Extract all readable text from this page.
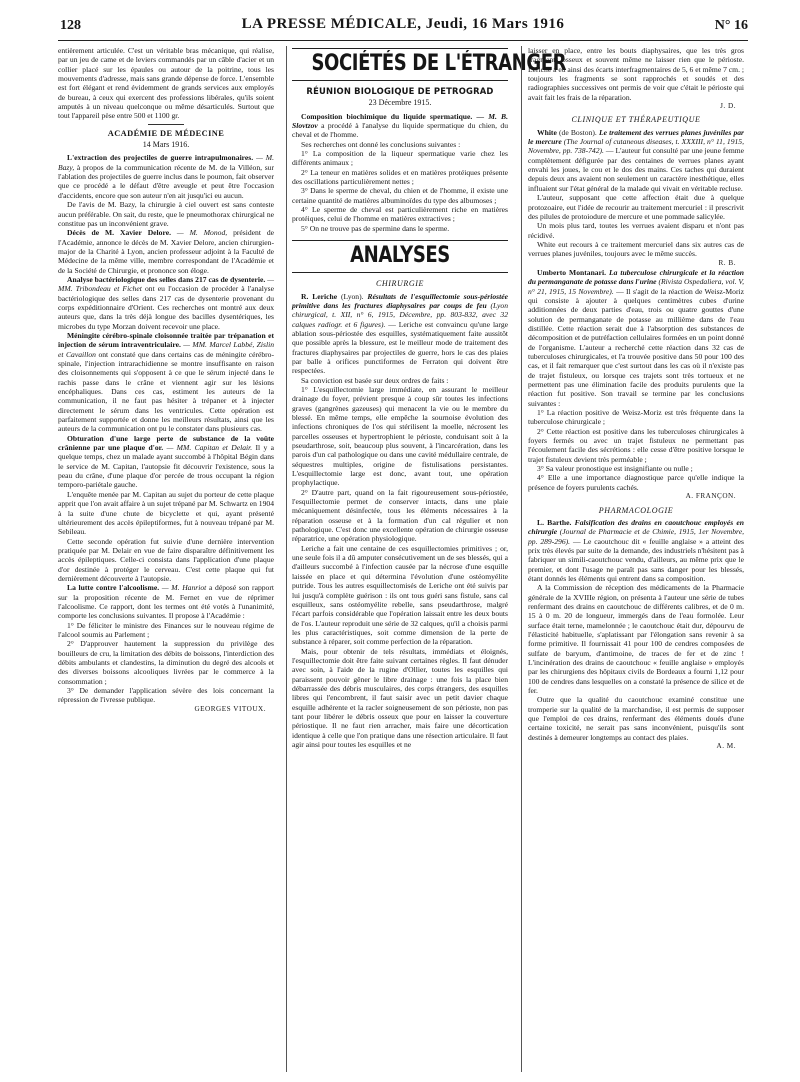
128	LA PRESSE MÉDICALE, Jeudi, 16 Mars 1916	N° 16

entièrement articulée. C'est un véritable bras mécanique, qui réalise, par un jeu de came et de leviers commandés par un câble d'acier et un collier placé sur les épaules ou autour de la poitrine, tous les mouvements d'adresse, mais sans grande dépense de force. L'ensemble est fort élégant et rend évidemment de grands services aux employés de bureau, à ceux qui exercent des professions libérales, qu'ils soient amputés à un niveau quelconque ou même désarticulés. Surtout que tout l'appareil pèse entre 500 et 1100 gr.

ACADÉMIE DE MÉDECINE
14 Mars 1916.

L'extraction des projectiles de guerre intrapulmonaires. — M. Bazy, à propos de la communication récente de M. de la Villéon, sur l'ablation des projectiles de guerre inclus dans le poumon, fait observer que ce procédé a le défaut d'être aveugle et peut être l'occasion d'accidents, encore que son auteur n'en ait jusqu'ici eu aucun.

De l'avis de M. Bazy, la chirurgie à ciel ouvert est sans conteste aucun préférable. On sait, du reste, que le pneumothorax chirurgical ne constitue pas un inconvénient grave.

Décès de M. Xavier Delore. — M. Monod, président de l'Académie, annonce le décès de M. Xavier Delore, ancien chirurgien-major de la Charité à Lyon, ancien professeur adjoint à la Faculté de Médecine de la même ville, membre correspondant de l'Académie et de la Société de Chirurgie, et prononce son éloge.

Analyse bactériologique des selles dans 217 cas de dysenterie. — MM. Tribondeau et Fichet ont eu l'occasion de procéder à l'analyse bactériologique des selles dans 217 cas de dysenterie provenant du corps expéditionnaire d'Orient. Ces recherches ont montré aux deux auteurs que, dans la très déjà longue des bacilles dysentériques, les microbes du type Morzan doivent recevoir une place.

Méningite cérébro-spinale cloisonnée traitée par trépanation et injection de sérum intraventriculaire. — MM. Marcel Labbé, Zislin et Cavaillon ont constaté que dans certains cas de méningite cérébro-spinale, l'injection intrarachidienne se montre insuffisante en raison des cloisonnements qui s'opposent à ce que le sérum injecté dans le rachis passe dans le crâne et viennent agir sur les lésions encéphaliques. Dans ces cas, estiment les auteurs de la communication, il ne faut pas hésiter à trépaner et à injecter directement le sérum dans les ventricules. Cette opération est parfaitement supportée et donne les meilleurs résultats, ainsi que les auteurs de la communication ont pu le constater dans plusieurs cas.

Obturation d'une large perte de substance de la voûte crânienne par une plaque d'or. — MM. Capitan et Delair. Il y a quelque temps, chez un malade ayant succombé à l'hôpital Bégin dans le service de M. Capitan, l'autopsie fit découvrir l'existence, sous la peau du crâne, d'une plaque d'or percée de trous occupant la région temporo-pariétale gauche.

L'enquête menée par M. Capitan au sujet du porteur de cette plaque apprit que l'on avait affaire à un sujet trépané par M. Schwartz en 1904 à la suite d'une chute de bicyclette et qui, ayant présenté ultérieurement des accès épileptiformes, fut à nouveau trépané par M. Sebileau.

Cette seconde opération fut suivie d'une dernière intervention pratiquée par M. Delair en vue de faire disparaître définitivement les accès épileptiques. Celle-ci consista dans l'application d'une plaque d'or destinée à protéger le cerveau. C'est cette plaque qui fut dernièrement découverte à l'autopsie.

La lutte contre l'alcoolisme. — M. Hanriot a déposé son rapport sur la proposition récente de M. Fernet en vue de réprimer l'alcoolisme. Ce rapport, dont les termes ont été votés à l'unanimité, comporte les conclusions suivantes. Il propose à l'Académie :

1° De féliciter le ministre des Finances sur le nouveau régime de l'alcool soumis au Parlement ;

2° D'approuver hautement la suppression du privilège des bouilleurs de cru, la limitation des débits de boissons, l'interdiction des débits ambulants et clandestins, la diminution du degré des alcools et des diverses boissons alcooliques livrées par le commerce à la consommation ;

3° De demander l'application sévère des lois concernant la répression de l'ivresse publique.

GEORGES VITOUX.

SOCIÉTÉS DE L'ÉTRANGER
RÉUNION BIOLOGIQUE DE PETROGRAD
23 Décembre 1915.

Composition biochimique du liquide spermatique. — M. B. Slovtzov a procédé à l'analyse du liquide spermatique du chien, du cheval et de l'homme.

Ses recherches ont donné les conclusions suivantes :

1° La composition de la liqueur spermatique varie chez les différents animaux ;

2° La teneur en matières solides et en matières protéiques présente des oscillations particulièrement nettes ;

3° Dans le sperme de cheval, du chien et de l'homme, il existe une certaine quantité de matières albuminoïdes du type des albumoses ;

4° Le sperme de cheval est particulièrement riche en matières protéiques, celui de l'homme en matières extractives ;

5° On ne trouve pas de spermine dans le sperme.

ANALYSES
CHIRURGIE

R. Leriche (Lyon). Résultats de l'esquillectomie sous-périostée primitive dans les fractures diaphysaires par coups de feu (Lyon chirurgical, t. XII, n° 6, 1915, Décembre, pp. 803-832, avec 32 calques radiogr. et 6 figures). — Leriche est convaincu qu'une large ablation sous-périostée des esquilles, systématiquement faite aussitôt que possible après la blessure, est le meilleur mode de traitement des fractures diaphysaires par projectiles de guerre, hors le cas des plaies par balle à orifices punctiformes de Ferraton qui doivent être respectées.

Sa conviction est basée sur deux ordres de faits :

1° L'esquillectomie large immédiate, en assurant le meilleur drainage du foyer, prévient presque à coup sûr toutes les infections graves (gangrènes gazeuses) qui menacent la vie ou le membre du blessé. En même temps, elle empêche la sournoise évolution des infections chroniques de l'os qui stérilisent la moelle, nécrosent les parcelles osseuses et hypertrophient le périoste, conduisant soit à la pseudarthrose, soit, beaucoup plus souvent, à l'incarcération, dans les parois d'un cal pathologique ou dans une cavité médullaire centrale, de séquestres multiples, origine de fistulisations persistantes. L'esquillectomie large est donc, avant tout, une opération prophylactique.

2° D'autre part, quand on la fait rigoureusement sous-périostée, l'esquillectomie permet de conserver intacts, dans une plaie mécaniquement désinfectée, tous les éléments nécessaires à la réparation osseuse et à la formation d'un cal régulier et non pathologique. C'est donc une excellente opération de chirurgie osseuse réparatrice, une opération physiologique.

Leriche a fait une centaine de ces esquillectomies primitives ; or, une seule fois il a dû amputer consécutivement un de ses blessés, qui a d'ailleurs succombé à l'infection causée par la nécrose d'une esquille laissée en place et qui détermina l'évolution d'une ostéomyélite putride. Tous les autres esquillectomisés de Leriche ont été suivis par lui jusqu'à complète guérison : ils ont tous guéri sans fistule, sans cal esquilleux, sans ostéomyélite rebelle, sans pseudarthrose, malgré l'écart parfois considérable que l'opération laissait entre les deux bouts de l'os. L'auteur reproduit une série de 32 calques, qu'il a choisis parmi les plus caractéristiques, soit comme dimension de la perte de substance à réparer, soit comme perfection de la réparation.

Mais, pour obtenir de tels résultats, immédiats et éloignés, l'esquillectomie doit être faite suivant certaines règles. Il faut dénuder avec soin, à l'aide de la rugine d'Ollier, toutes les esquilles qui paraissent pouvoir gêner le libre drainage : une fois la place bien débarrassée des débris musculaires, des corps étrangers, des esquilles libres qui l'encombrent, il faut saisir avec un petit davier chaque esquille adhérente et la racler soigneusement de son périoste, non pas tant pour libérer le débris osseux que pour en laisser la couverture périostique. Il ne faut rien arracher, mais faire une décortication identique à celle que l'on pratique dans une résection articulaire. Il faut agir ainsi pour toutes les esquilles et ne

laisser en place, entre les bouts diaphysaires, que les très gros fragments osseux et souvent même ne laisser rien que le périoste. Leriche a eu ainsi des écarts interfragmentaires de 5, 6 et même 7 cm. ; toujours les fragments se sont rapprochés et soudés et des radiographies successives ont permis de voir que c'était le périoste qui avait fait les frais de la réparation.

J. D.

CLINIQUE ET THÉRAPEUTIQUE

White (de Boston). Le traitement des verrues planes juvéniles par le mercure (The Journal of cutaneous diseases, t. XXXIII, n° 11, 1915, Novembre, pp. 738-742). — L'auteur fut consulté par une jeune femme complètement défigurée par des centaines de verrues planes ayant envahi les joues, le cou et le dos des mains. Ces taches qui duraient depuis deux ans avaient non seulement un caractère inesthétique, elles influaient sur l'état général de la malade qui vivait en véritable recluse.

L'auteur, supposant que cette affection était due à quelque protozoaire, eut l'idée de recourir au traitement mercuriel : il prescrivit des pilules de protoiodure de mercure et une pommade salicylée.

Un mois plus tard, toutes les verrues avaient disparu et n'ont pas récidivé.

White eut recours à ce traitement mercuriel dans six autres cas de verrues planes juvéniles, toujours avec le même succès.

R. B.

Umberto Montanari. La tuberculose chirurgicale et la réaction du permanganate de potasse dans l'urine (Rivista Ospedaliera, vol. V, n° 21, 1915, 15 Novembre). — Il s'agit de la réaction de Weisz-Moriz qui consiste à ajouter à quelques centimètres cubes d'urine additionnées de deux parties d'eau, trois ou quatre gouttes d'une solution de permanganate de potasse au millième dans de l'eau distillée. Cette réaction serait due à l'absorption des substances de décomposition et de putréfaction cellulaires formées en un point donné de l'organisme. L'auteur a recherché cette réaction dans 32 cas de tuberculoses chirurgicales, et l'a trouvée positive dans 50 pour 100 des cas, et il fait remarquer que c'est surtout dans les cas où il n'existe pas de trajet fistuleux, ou lorsque ces trajets sont très tortueux et ne permettent pas une élimination facile des produits purulents que la réaction fut positive. Son travail se termine par les conclusions suivantes :

1° La réaction positive de Weisz-Moriz est très fréquente dans la tuberculose chirurgicale ;

2° Cette réaction est positive dans les tuberculoses chirurgicales à foyers fermés ou avec un trajet fistuleux ne permettant pas l'écoulement facile des sécrétions : elle cesse d'être positive lorsque le trajet fistuleux devient très perméable ;

3° Sa valeur pronostique est insignifiante ou nulle ;

4° Elle a une importance diagnostique parce qu'elle indique la présence de foyers purulents cachés.

A. FRANÇON.

PHARMACOLOGIE

L. Barthe. Falsification des drains en caoutchouc employés en chirurgie (Journal de Pharmacie et de Chimie, 1915, 1er Novembre, pp. 289-296). — Le caoutchouc dit « feuille anglaise » a atteint des prix très élevés par suite de la demande, des industriels n'hésitent pas à fabriquer un simili-caoutchouc vendu, d'ailleurs, au même prix que le premier, et dont l'usage ne paraît pas sans danger pour les blessés, étant donnés les éléments qui entrent dans sa composition.

A la Commission de réception des médicaments de la Pharmacie générale de la XVIIIe région, on présenta à l'auteur une série de tubes renfermant des drains en caoutchouc de différents calibres, et de 0 m. 15 à 0 m. 20 de longueur, immergés dans de l'eau formolée. Leur surface était terne, mamelonnée ; le caoutchouc était dur, dépourvu de l'élasticité habituelle, s'aplatissant par l'élongation sans revenir à sa forme primitive. Il fournissait 41 pour 100 de cendres composées de sulfate de baryum, d'antimoine, de traces de fer et de zinc ! L'incinération des drains de caoutchouc « feuille anglaise » employés par les chirurgiens des hôpitaux civils de Bordeaux a fourni 1,12 pour 100 de cendres dans lesquelles on a constaté la présence de silice et de fer.

Outre que la qualité du caoutchouc examiné constitue une tromperie sur la qualité de la marchandise, il est permis de supposer que l'emploi de ces drains, renfermant des éléments doués d'une certaine toxicité, ne serait pas sans inconvénient, puisqu'ils sont destinés à demeurer longtemps au contact des plaies.

A. M.
